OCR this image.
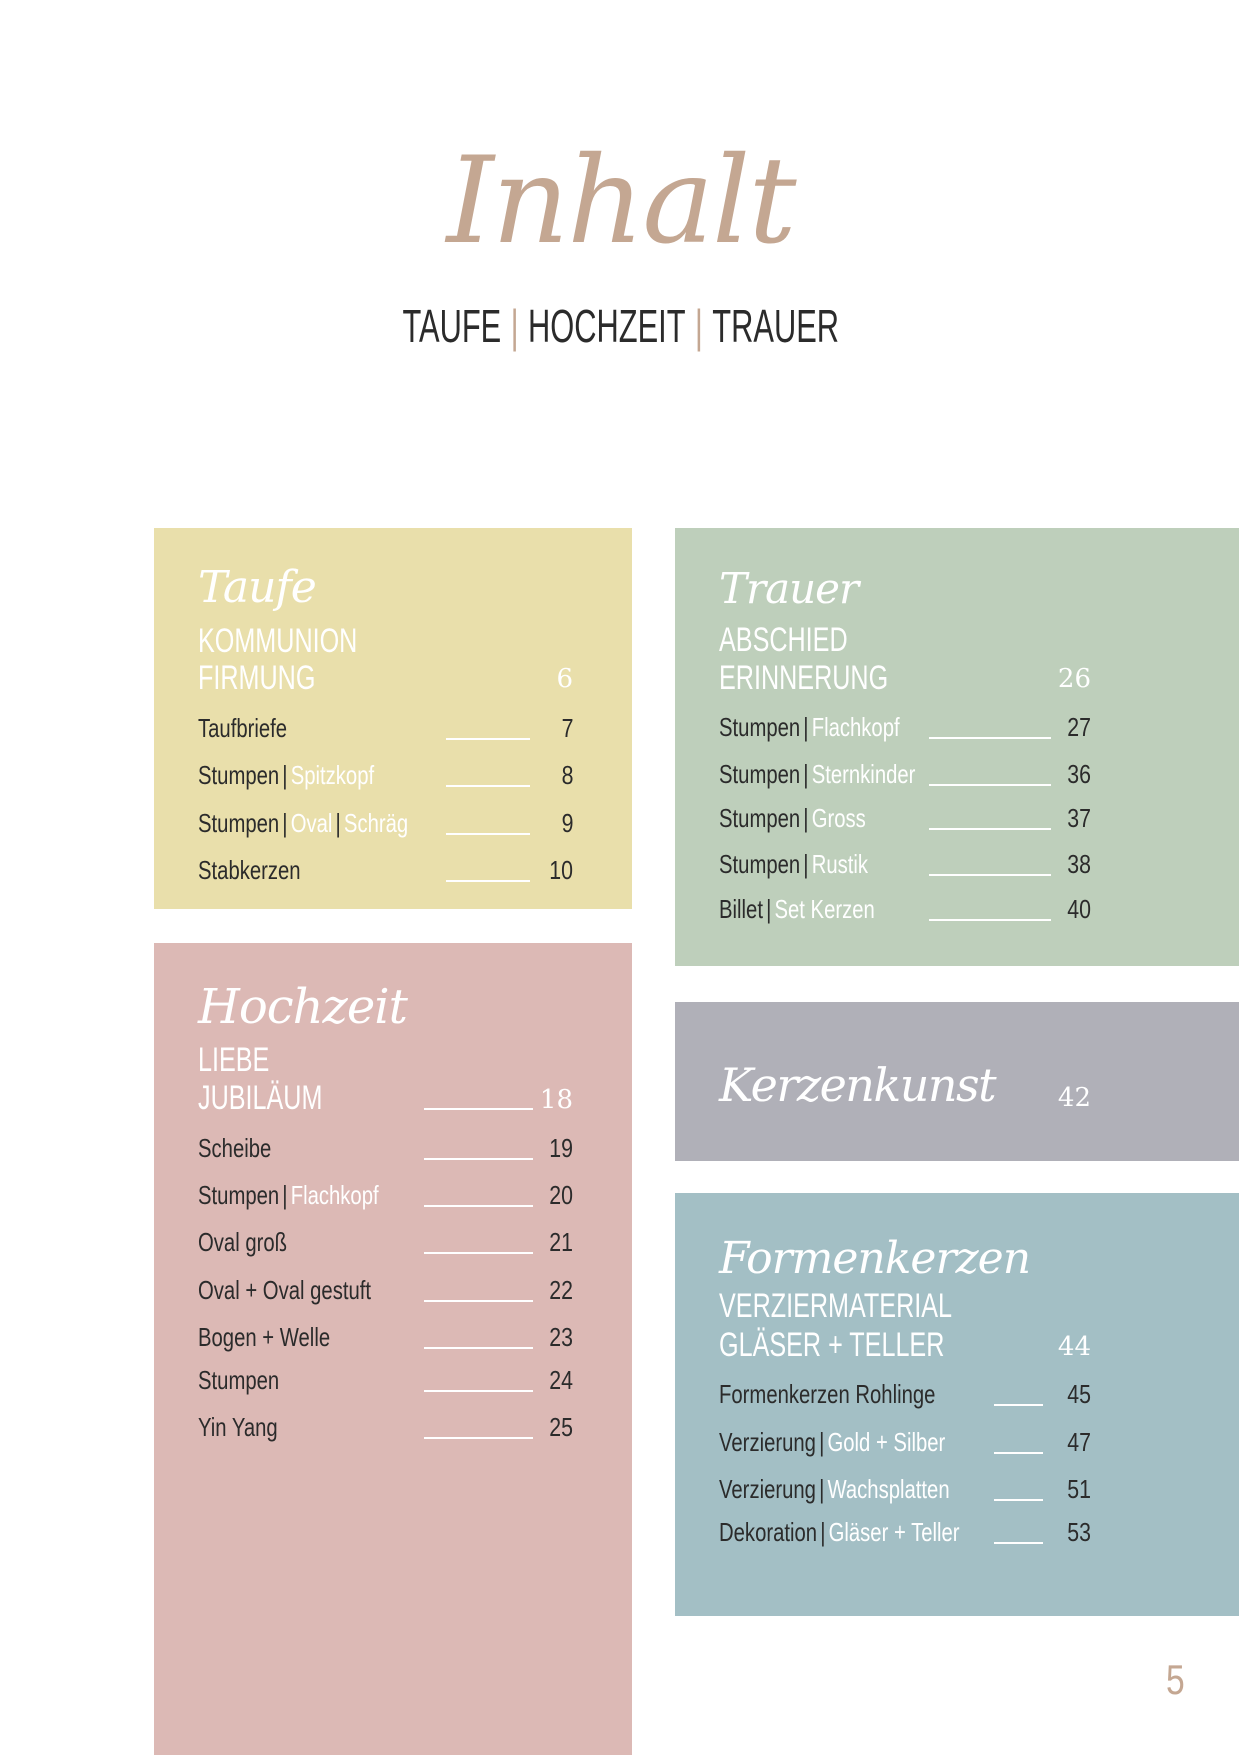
Inhalt
TAUFE | HOCHZEIT | TRAUER
Taufe
KOMMUNION
FIRMUNG	6
Taufbriefe	7
Stumpen | Spitzkopf	8
Stumpen | Oval | Schräg	9
Stabkerzen	10
Hochzeit
LIEBE
JUBILÄUM	18
Scheibe	19
Stumpen | Flachkopf	20
Oval groß	21
Oval + Oval gestuft	22
Bogen + Welle	23
Stumpen	24
Yin Yang	25
Trauer
ABSCHIED
ERINNERUNG	26
Stumpen | Flachkopf	27
Stumpen | Sternkinder	36
Stumpen | Gross	37
Stumpen | Rustik	38
Billet | Set Kerzen	40
Kerzenkunst 42
Formenkerzen
VERZIERMATERIAL
GLÄSER + TELLER	44
Formenkerzen Rohlinge	45
Verzierung | Gold + Silber	47
Verzierung | Wachsplatten	51
Dekoration | Gläser + Teller	53
5
